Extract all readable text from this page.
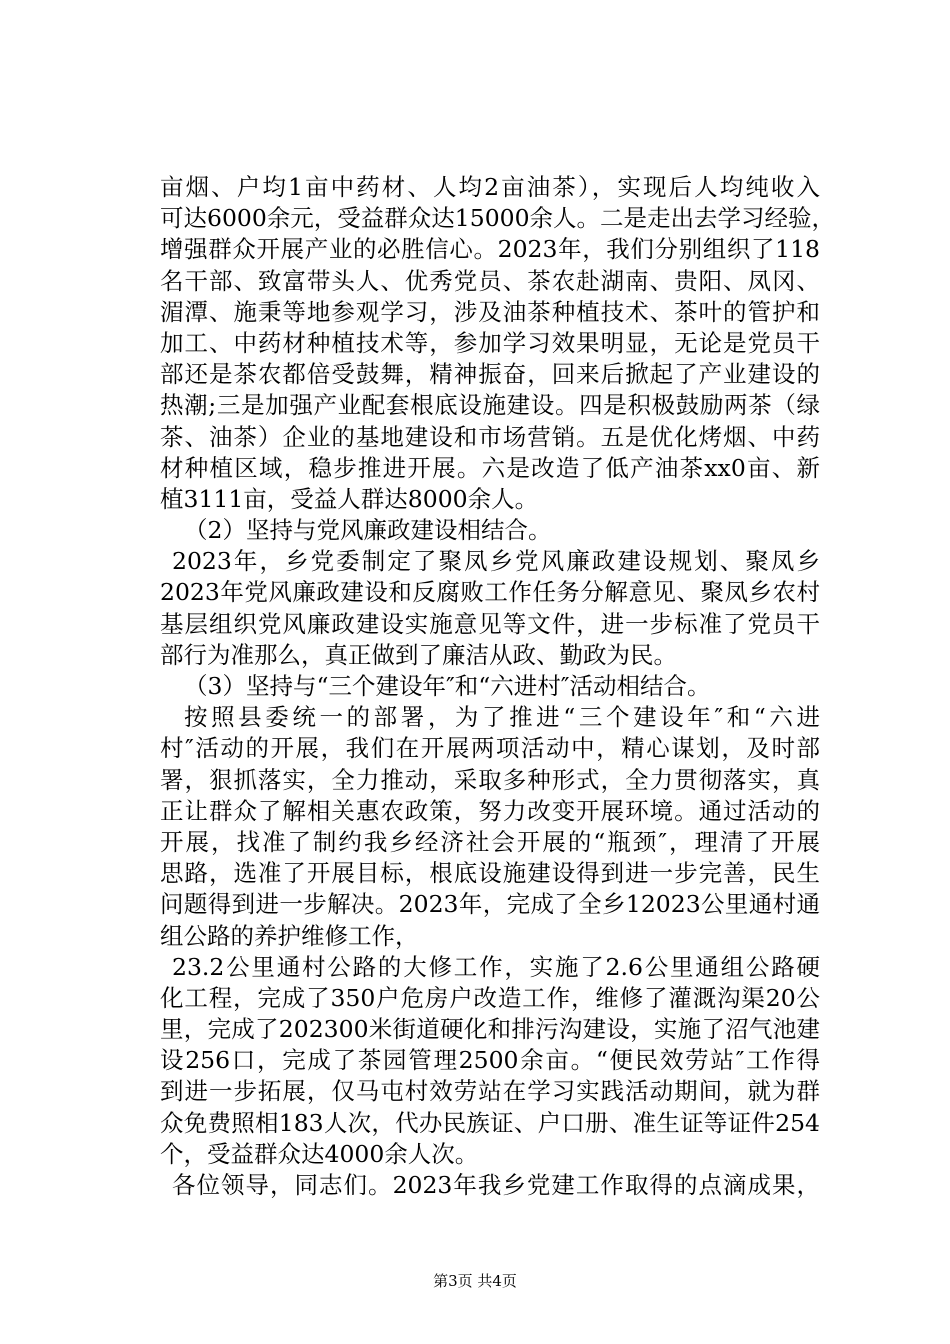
亩烟、户均1亩中药材、人均2亩油茶），实现后人均纯收入
可达6000余元，受益群众达15000余人。二是走出去学习经验，
增强群众开展产业的必胜信心。2023年，我们分别组织了118
名干部、致富带头人、优秀党员、茶农赴湖南、贵阳、凤冈、
湄潭、施秉等地参观学习，涉及油茶种植技术、茶叶的管护和
加工、中药材种植技术等，参加学习效果明显，无论是党员干
部还是茶农都倍受鼓舞，精神振奋，回来后掀起了产业建设的
热潮;三是加强产业配套根底设施建设。四是积极鼓励两茶（绿
茶、油茶）企业的基地建设和市场营销。五是优化烤烟、中药
材种植区域，稳步推进开展。六是改造了低产油茶xx0亩、新
植3111亩，受益人群达8000余人。
（2）坚持与党风廉政建设相结合。
2023年，乡党委制定了聚凤乡党风廉政建设规划、聚凤乡
2023年党风廉政建设和反腐败工作任务分解意见、聚凤乡农村
基层组织党风廉政建设实施意见等文件，进一步标准了党员干
部行为准那么，真正做到了廉洁从政、勤政为民。
（3）坚持与“三个建设年″和“六进村″活动相结合。
按照县委统一的部署，为了推进“三个建设年″和“六进
村″活动的开展，我们在开展两项活动中，精心谋划，及时部
署，狠抓落实，全力推动，采取多种形式，全力贯彻落实，真
正让群众了解相关惠农政策，努力改变开展环境。通过活动的
开展，找准了制约我乡经济社会开展的“瓶颈″，理清了开展
思路，选准了开展目标，根底设施建设得到进一步完善，民生
问题得到进一步解决。2023年，完成了全乡12023公里通村通
组公路的养护维修工作，
23.2公里通村公路的大修工作，实施了2.6公里通组公路硬
化工程，完成了350户危房户改造工作，维修了灌溉沟渠20公
里，完成了202300米街道硬化和排污沟建设，实施了沼气池建
设256口，完成了茶园管理2500余亩。“便民效劳站″工作得
到进一步拓展，仅马屯村效劳站在学习实践活动期间，就为群
众免费照相183人次，代办民族证、户口册、准生证等证件254
个，受益群众达4000余人次。
各位领导，同志们。2023年我乡党建工作取得的点滴成果，
第3页 共4页
